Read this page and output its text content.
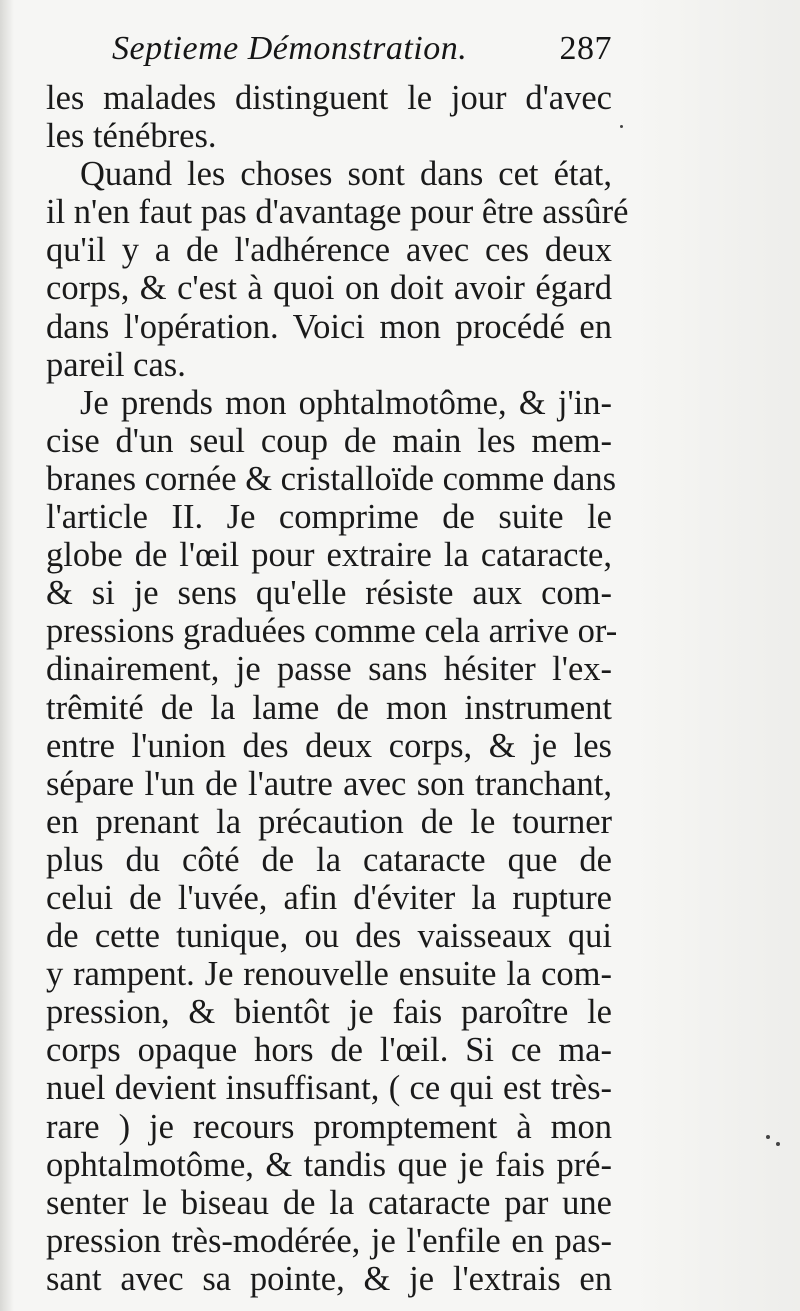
Septieme Démonstration.	287
les malades distinguent le jour d'avec
les ténébres.
Quand les choses sont dans cet état,
il n'en faut pas d'avantage pour être assûré
qu'il y a de l'adhérence avec ces deux
corps, & c'est à quoi on doit avoir égard
dans l'opération. Voici mon procédé en
pareil cas.
Je prends mon ophtalmotôme, & j'in-
cise d'un seul coup de main les mem-
branes cornée & cristalloïde comme dans
l'article II. Je comprime de suite le
globe de l'œil pour extraire la cataracte,
& si je sens qu'elle résiste aux com-
pressions graduées comme cela arrive or-
dinairement, je passe sans hésiter l'ex-
trêmité de la lame de mon instrument
entre l'union des deux corps, & je les
sépare l'un de l'autre avec son tranchant,
en prenant la précaution de le tourner
plus du côté de la cataracte que de
celui de l'uvée, afin d'éviter la rupture
de cette tunique, ou des vaisseaux qui
y rampent. Je renouvelle ensuite la com-
pression, & bientôt je fais paroître le
corps opaque hors de l'œil. Si ce ma-
nuel devient insuffisant, ( ce qui est très-
rare ) je recours promptement à mon
ophtalmotôme, & tandis que je fais pré-
senter le biseau de la cataracte par une
pression très-modérée, je l'enfile en pas-
sant avec sa pointe, & je l'extrais en
